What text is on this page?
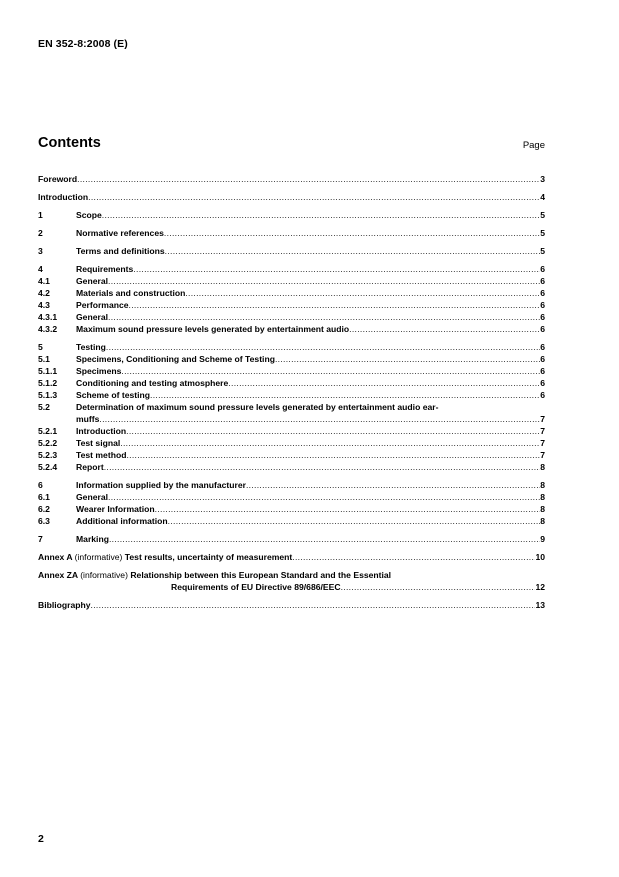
EN 352-8:2008 (E)
Contents	Page
Foreword .....	3
Introduction .....	4
1	Scope .....	5
2	Normative references .....	5
3	Terms and definitions .....	5
4	Requirements .....	6
4.1	General .....	6
4.2	Materials and construction .....	6
4.3	Performance .....	6
4.3.1	General .....	6
4.3.2	Maximum sound pressure levels generated by entertainment audio .....	6
5	Testing .....	6
5.1	Specimens, Conditioning and Scheme of Testing .....	6
5.1.1	Specimens .....	6
5.1.2	Conditioning and testing atmosphere .....	6
5.1.3	Scheme of testing .....	6
5.2	Determination of maximum sound pressure levels generated by entertainment audio ear-
muffs .....	7
5.2.1	Introduction .....	7
5.2.2	Test signal .....	7
5.2.3	Test method .....	7
5.2.4	Report .....	8
6	Information supplied by the manufacturer .....	8
6.1	General .....	8
6.2	Wearer Information .....	8
6.3	Additional information .....	8
7	Marking .....	9
Annex A (informative) Test results, uncertainty of measurement .....	10
Annex ZA (informative) Relationship between this European Standard and the Essential
Requirements of EU Directive 89/686/EEC .....	12
Bibliography .....	13
2
